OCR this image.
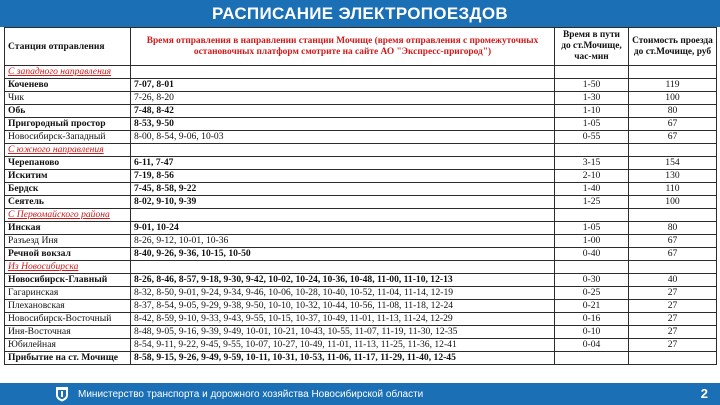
РАСПИСАНИЕ ЭЛЕКТРОПОЕЗДОВ
Станция отправления	Время отправления в направлении станции Мочище (время отправления с промежуточных остановочных платформ смотрите на сайте АО "Экспресс-пригород")	Время в пути до ст.Мочище, час-мин	Стоимость проезда до ст.Мочище, руб
С западного направления			
Коченево	7-07, 8-01	1-50	119
Чик	7-26, 8-20	1-30	100
Обь	7-48, 8-42	1-10	80
Пригородный простор	8-53, 9-50	1-05	67
Новосибирск-Западный	8-00, 8-54, 9-06, 10-03	0-55	67
С южного направления			
Черепаново	6-11, 7-47	3-15	154
Искитим	7-19, 8-56	2-10	130
Бердск	7-45, 8-58, 9-22	1-40	110
Сеятель	8-02, 9-10, 9-39	1-25	100
С Первомайского района			
Инская	9-01, 10-24	1-05	80
Разъезд Иня	8-26, 9-12, 10-01, 10-36	1-00	67
Речной вокзал	8-40, 9-26, 9-36, 10-15, 10-50	0-40	67
Из Новосибирска			
Новосибирск-Главный	8-26, 8-46, 8-57, 9-18, 9-30, 9-42, 10-02, 10-24, 10-36, 10-48, 11-00, 11-10, 12-13	0-30	40
Гагаринская	8-32, 8-50, 9-01, 9-24, 9-34, 9-46, 10-06, 10-28, 10-40, 10-52, 11-04, 11-14, 12-19	0-25	27
Плехановская	8-37, 8-54, 9-05, 9-29, 9-38, 9-50, 10-10, 10-32, 10-44, 10-56, 11-08, 11-18, 12-24	0-21	27
Новосибирск-Восточный	8-42, 8-59, 9-10, 9-33, 9-43, 9-55, 10-15, 10-37, 10-49, 11-01, 11-13, 11-24, 12-29	0-16	27
Иня-Восточная	8-48, 9-05, 9-16, 9-39, 9-49, 10-01, 10-21, 10-43, 10-55, 11-07, 11-19, 11-30, 12-35	0-10	27
Юбилейная	8-54, 9-11, 9-22, 9-45, 9-55, 10-07, 10-27, 10-49, 11-01, 11-13, 11-25, 11-36, 12-41	0-04	27
Прибытие на ст. Мочище	8-58, 9-15, 9-26, 9-49, 9-59, 10-11, 10-31, 10-53, 11-06, 11-17, 11-29, 11-40, 12-45		
Министерство транспорта и дорожного хозяйства Новосибирской области	2
